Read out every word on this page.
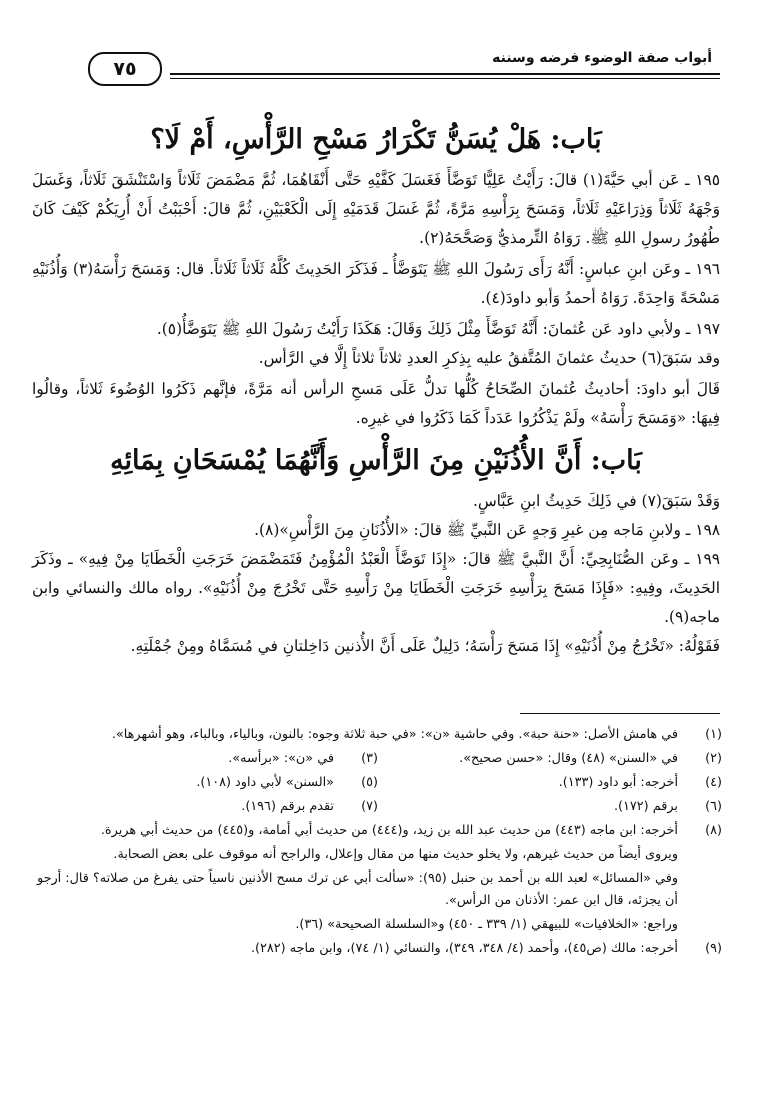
أبواب صفة الوضوء فرضه وسننه
٧٥
بَاب: هَلْ يُسَنُّ تَكْرَارُ مَسْحِ الرَّأْسِ، أَمْ لَا؟

١٩٥ ـ عَن أبي حَيَّةَ(١) قالَ: رَأَيْتُ عَلِيًّا تَوَضَّأَ فَغَسَلَ كَفَّيْهِ حَتَّى أَنْقَاهُمَا، ثُمَّ مَضْمَضَ ثَلَاثاً وَاسْتَنْشَقَ ثَلَاثاً، وَغَسَلَ وَجْهَهُ ثَلَاثاً وَذِرَاعَيْهِ ثَلَاثاً، وَمَسَحَ بِرَأْسِهِ مَرَّةً، ثُمَّ غَسَلَ قَدَمَيْهِ إِلَى الْكَعْبَيْنِ، ثُمَّ قالَ: أَحْبَبْتُ أَنْ أُرِيَكُمْ كَيْفَ كَانَ طُهُورُ رسولِ اللهِ ﷺ. رَوَاهُ التِّرمذيُّ وَصَحَّحَهُ(٢).

١٩٦ ـ وعَن ابنِ عباسٍ: أَنَّهُ رَأَى رَسُولَ اللهِ ﷺ يَتَوَضَّأُ ـ فَذَكَرَ الحَدِيثَ كُلَّهُ ثَلَاثاً ثَلَاثاً. قال: وَمَسَحَ رَأْسَهُ(٣) وَأُذُنَيْهِ مَسْحَةً وَاحِدَةً. رَوَاهُ أحمدُ وَأبو داودَ(٤).

١٩٧ ـ ولأبي داود عَن عُثمانَ: أَنَّهُ تَوَضَّأَ مِثْلَ ذَلِكَ وَقَالَ: هَكَذَا رَأَيْتُ رَسُولَ اللهِ ﷺ يَتَوَضَّأُ(٥).

وقد سَبَقَ(٦) حديثُ عثمانَ المُتَّفقُ عليه بِذِكرِ العددِ ثلاثاً ثلاثاً إِلَّا في الرَّأس.

قَالَ أبو داودَ: أحاديثُ عُثمانَ الصِّحَاحُ كُلُّها تدلُّ عَلَى مَسحِ الرأس أنه مَرَّةً، فإنَّهم ذَكَرُوا الوُضُوءَ ثَلاثاً، وقالُوا فِيهَا: «وَمَسَحَ رَأْسَهُ» ولَمْ يَذْكُرُوا عَدَداً كَمَا ذَكَرُوا في غيرِه.

بَاب: أَنَّ الأُذُنَيْنِ مِنَ الرَّأْسِ وَأَنَّهُمَا يُمْسَحَانِ بِمَائِهِ

وَقَدْ سَبَقَ(٧) في ذَلِكَ حَدِيثُ ابنِ عَبَّاسٍ.

١٩٨ ـ ولابنِ مَاجه مِن غيرِ وَجهٍ عَن النَّبيِّ ﷺ قالَ: «الأُذُنَانِ مِنَ الرَّأْسِ»(٨).

١٩٩ ـ وعَن الصُّنَابِحِيِّ: أَنَّ النَّبيَّ ﷺ قالَ: «إِذَا تَوَضَّأَ الْعَبْدُ الْمُؤْمِنُ فَتَمَضْمَضَ خَرَجَتِ الْخَطَايَا مِنْ فِيهِ» ـ وذَكَرَ الحَدِيثَ، وفِيهِ: «فَإِذَا مَسَحَ بِرَأْسِهِ خَرَجَتِ الْخَطَايَا مِنْ رَأْسِهِ حَتَّى تَخْرُجَ مِنْ أُذُنَيْهِ». رواه مالك والنسائي وابن ماجه(٩).

فَقَوْلُهُ: «تَخْرُجُ مِنْ أُذُنَيْهِ» إِذَا مَسَحَ رَأْسَهُ؛ دَلِيلٌ عَلَى أَنَّ الأُذنين دَاخِلتانِ في مُسَمَّاهُ ومِنْ جُمْلَتِهِ.

(١)
في هامش الأصل: «حنة حبة». وفي حاشية «ن»: «في حبة ثلاثة وجوه: بالنون، وبالياء، وبالباء، وهو أشهرها».
(٢)
في «السنن» (٤٨) وقال: «حسن صحيح».
(٣)
في «ن»: «برأسه».
(٤)
أخرجه: أبو داود (١٣٣).
(٥)
«السنن» لأبي داود (١٠٨).
(٦)
برقم (١٧٢).
(٧)
تقدم برقم (١٩٦).
(٨)
أخرجه: ابن ماجه (٤٤٣) من حديث عبد الله بن زيد، و(٤٤٤) من حديث أبي أمامة، و(٤٤٥) من حديث أبي هريرة.
ويروى أيضاً من حديث غيرهم، ولا يخلو حديث منها من مقال وإعلال، والراجح أنه موقوف على بعض الصحابة.
وفي «المسائل» لعبد الله بن أحمد بن حنبل (٩٥): «سألت أبي عن ترك مسح الأذنين ناسياً حتى يفرغ من صلاته؟ قال: أرجو أن يجزئه، قال ابن عمر: الأذنان من الرأس».
وراجع: «الخلافيات» للبيهقي (١/ ٣٣٩ ـ ٤٥٠) و«السلسلة الصحيحة» (٣٦).
(٩)
أخرجه: مالك (ص٤٥)، وأحمد (٤/ ٣٤٨، ٣٤٩)، والنسائي (١/ ٧٤)، وابن ماجه (٢٨٢).
